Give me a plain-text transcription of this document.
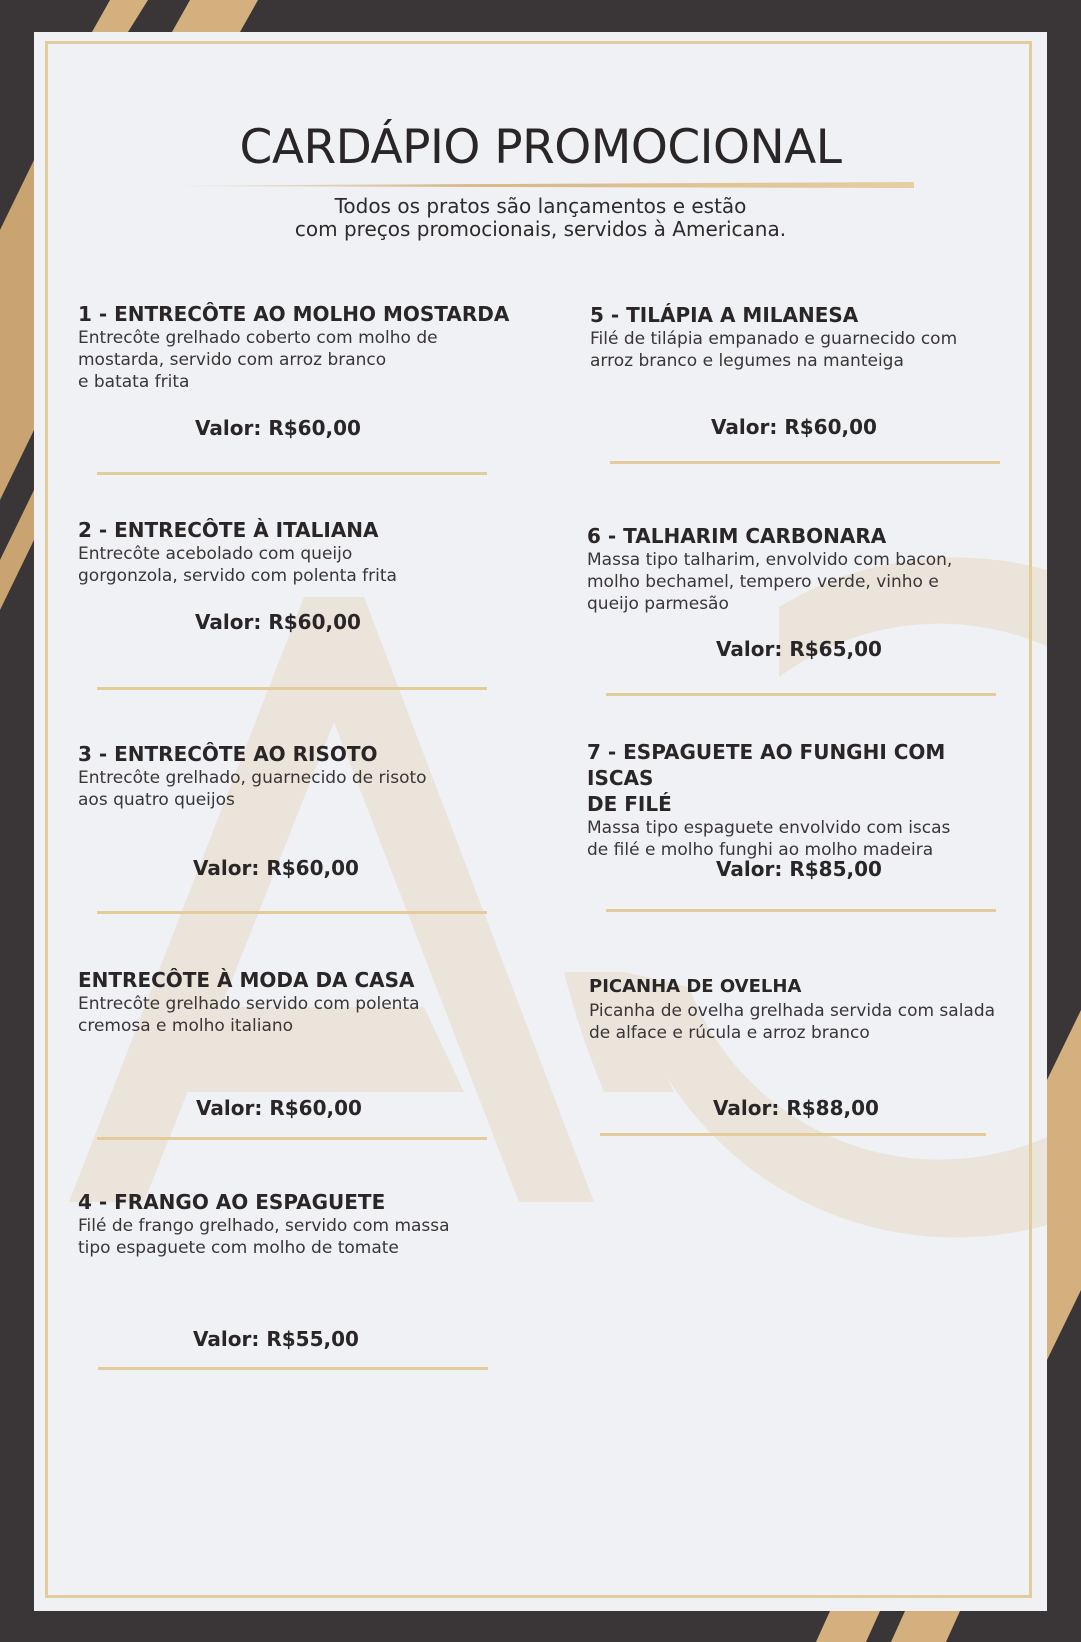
CARDÁPIO PROMOCIONAL
Todos os pratos são lançamentos e estão
com preços promocionais, servidos à Americana.

1 - ENTRECÔTE AO MOLHO MOSTARDA

Entrecôte grelhado coberto com molho de

mostarda, servido com arroz branco

e batata frita

Valor: R$60,00

2 - ENTRECÔTE À ITALIANA

Entrecôte acebolado com queijo

gorgonzola, servido com polenta frita

Valor: R$60,00

3 - ENTRECÔTE AO RISOTO

Entrecôte grelhado, guarnecido de risoto

aos quatro queijos

Valor: R$60,00

ENTRECÔTE À MODA DA CASA

Entrecôte grelhado servido com polenta

cremosa e molho italiano

Valor: R$60,00

4 - FRANGO AO ESPAGUETE

Filé de frango grelhado, servido com massa

tipo espaguete com molho de tomate

Valor: R$55,00

5 - TILÁPIA A MILANESA

Filé de tilápia empanado e guarnecido com

arroz branco e legumes na manteiga

Valor: R$60,00

6 - TALHARIM CARBONARA

Massa tipo talharim, envolvido com bacon,

molho bechamel, tempero verde, vinho e

queijo parmesão

Valor: R$65,00

7 - ESPAGUETE AO FUNGHI COM ISCAS

DE FILÉ

Massa tipo espaguete envolvido com iscas

de filé e molho funghi ao molho madeira

Valor: R$85,00

PICANHA DE OVELHA

Picanha de ovelha grelhada servida com salada

de alface e rúcula e arroz branco

Valor: R$88,00
